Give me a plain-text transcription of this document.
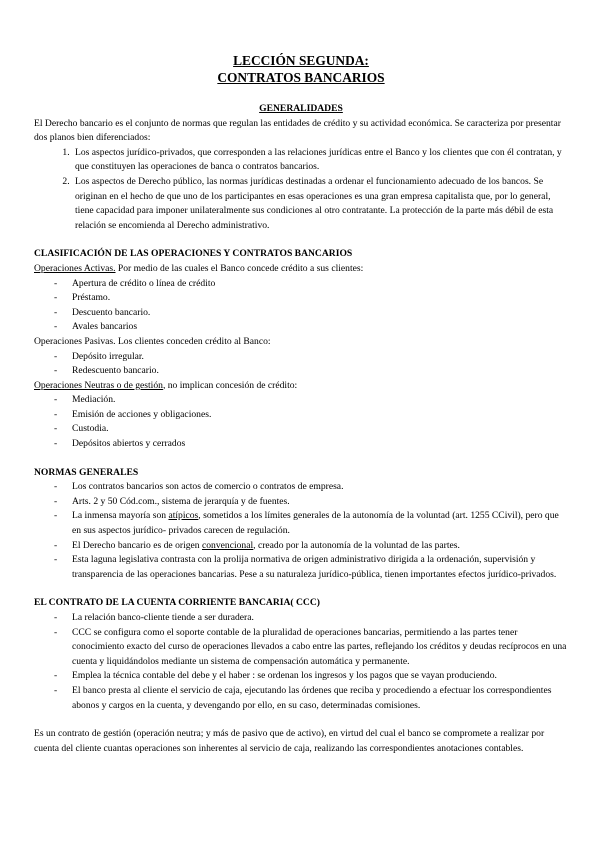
LECCIÓN SEGUNDA:
CONTRATOS BANCARIOS
GENERALIDADES

El Derecho bancario es el conjunto de normas que regulan las entidades de crédito y su actividad económica. Se caracteriza por presentar dos planos bien diferenciados:

1. Los aspectos jurídico-privados, que corresponden a las relaciones jurídicas entre el Banco y los clientes que con él contratan, y que constituyen las operaciones de banca o contratos bancarios.
2. Los aspectos de Derecho público, las normas jurídicas destinadas a ordenar el funcionamiento adecuado de los bancos. Se originan en el hecho de que uno de los participantes en esas operaciones es una gran empresa capitalista que, por lo general, tiene capacidad para imponer unilateralmente sus condiciones al otro contratante. La protección de la parte más débil de esta relación se encomienda al Derecho administrativo.
CLASIFICACIÓN DE LAS OPERACIONES Y CONTRATOS BANCARIOS

Operaciones Activas. Por medio de las cuales el Banco concede crédito a sus clientes:

- Apertura de crédito o línea de crédito
- Préstamo.
- Descuento bancario.
- Avales bancarios

Operaciones Pasivas. Los clientes conceden crédito al Banco:

- Depósito irregular.
- Redescuento bancario.

Operaciones Neutras o de gestión, no implican concesión de crédito:

- Mediación.
- Emisión de acciones y obligaciones.
- Custodia.
- Depósitos abiertos y cerrados
NORMAS GENERALES
- Los contratos bancarios son actos de comercio o contratos de empresa.
- Arts. 2 y 50 Cód.com., sistema de jerarquía y de fuentes.
- La inmensa mayoría son atípicos, sometidos a los límites generales de la autonomía de la voluntad (art. 1255 CCivil), pero que en sus aspectos jurídico- privados carecen de regulación.
- El Derecho bancario es de origen convencional, creado por la autonomía de la voluntad de las partes.
- Esta laguna legislativa contrasta con la prolija normativa de origen administrativo dirigida a la ordenación, supervisión y transparencia de las operaciones bancarias. Pese a su naturaleza jurídico-pública, tienen importantes efectos jurídico-privados.
EL CONTRATO DE LA CUENTA CORRIENTE BANCARIA( CCC)
- La relación banco-cliente tiende a ser duradera.
- CCC se configura como el soporte contable de la pluralidad de operaciones bancarias, permitiendo a las partes tener conocimiento exacto del curso de operaciones llevados a cabo entre las partes, reflejando los créditos y deudas recíprocos en una cuenta y liquidándolos mediante un sistema de compensación automática y permanente.
- Emplea la técnica contable del debe y el haber : se ordenan los ingresos y los pagos que se vayan produciendo.
- El banco presta al cliente el servicio de caja, ejecutando las órdenes que reciba y procediendo a efectuar los correspondientes abonos y cargos en la cuenta, y devengando por ello, en su caso, determinadas comisiones.

Es un contrato de gestión (operación neutra; y más de pasivo que de activo), en virtud del cual el banco se compromete a realizar por cuenta del cliente cuantas operaciones son inherentes al servicio de caja, realizando las correspondientes anotaciones contables.
